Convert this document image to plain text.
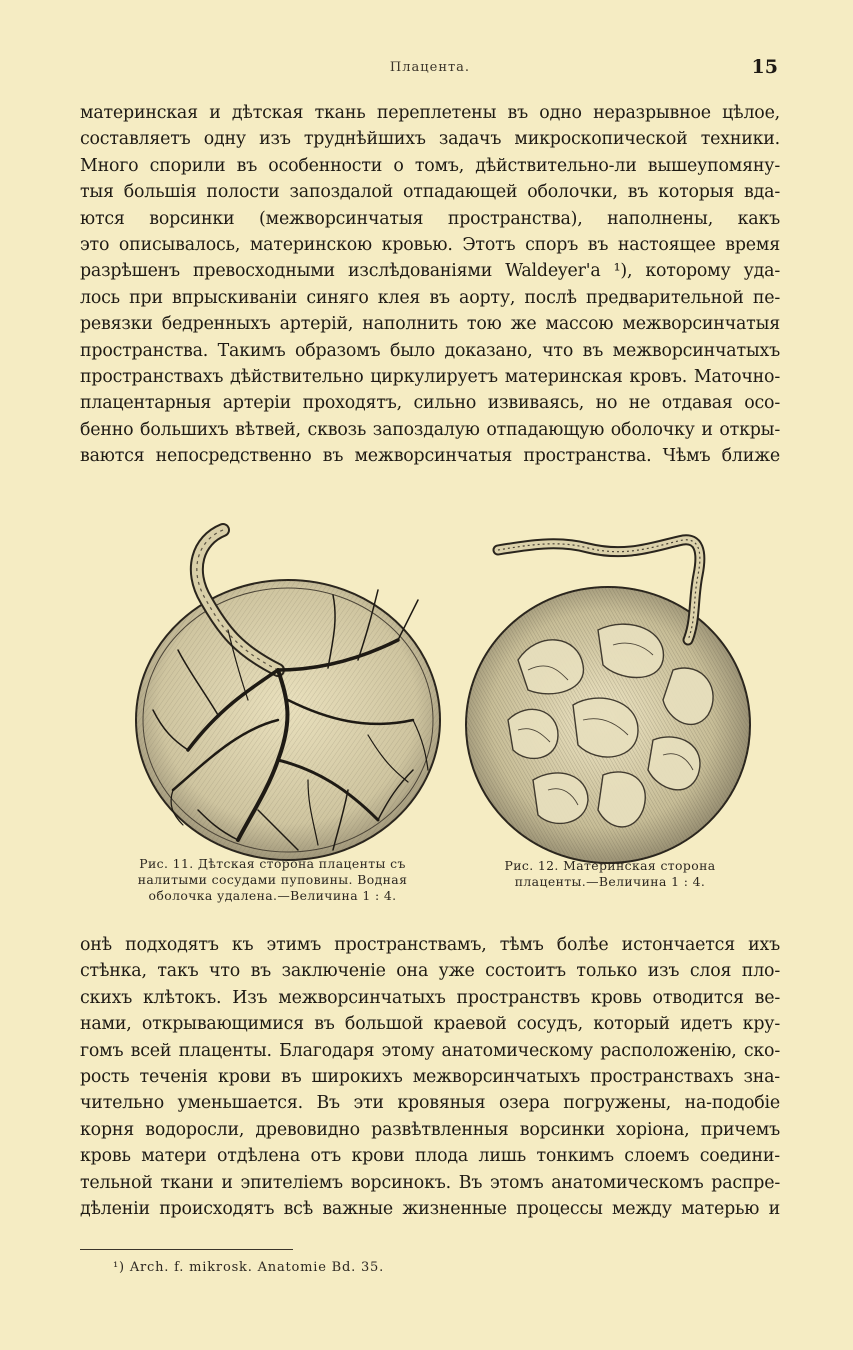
Плацента.	15
материнская и дѣтская ткань переплетены въ одно неразрывное цѣлое,
составляетъ одну изъ труднѣйшихъ задачъ микроскопической техники.
Много спорили въ особенности о томъ, дѣйствительно-ли вышеупомяну-
тыя большія полости запоздалой отпадающей оболочки, въ которыя вда-
ются ворсинки (межворсинчатыя пространства), наполнены, какъ
это описывалось, материнскою кровью. Этотъ споръ въ настоящее время
разрѣшенъ превосходными изслѣдованіями Waldeyer'а ¹), которому уда-
лось при впрыскиваніи синяго клея въ аорту, послѣ предварительной пе-
ревязки бедренныхъ артерій, наполнить тою же массою межворсинчатыя
пространства. Такимъ образомъ было доказано, что въ межворсинчатыхъ
пространствахъ дѣйствительно циркулируетъ материнская кровъ. Маточно-
плацентарныя артеріи проходятъ, сильно извиваясь, но не отдавая осо-
бенно большихъ вѣтвей, сквозь запоздалую отпадающую оболочку и откры-
ваются непосредственно въ межворсинчатыя пространства. Чѣмъ ближе
Рис. 11. Дѣтская сторона плаценты съ
налитыми сосудами пуповины. Водная
оболочка удалена.—Величина 1 : 4.
Рис. 12. Материнская сторона
плаценты.—Величина 1 : 4.
онѣ подходятъ къ этимъ пространствамъ, тѣмъ болѣе истончается ихъ
стѣнка, такъ что въ заключеніе она уже состоитъ только изъ слоя пло-
скихъ клѣтокъ. Изъ межворсинчатыхъ пространствъ кровь отводится ве-
нами, открывающимися въ большой краевой сосудъ, который идетъ кру-
гомъ всей плаценты. Благодаря этому анатомическому расположенію, ско-
рость теченія крови въ широкихъ межворсинчатыхъ пространствахъ зна-
чительно уменьшается. Въ эти кровяныя озера погружены, на-подобіе
корня водоросли, древовидно развѣтвленныя ворсинки хоріона, причемъ
кровь матери отдѣлена отъ крови плода лишь тонкимъ слоемъ соедини-
тельной ткани и эпителіемъ ворсинокъ. Въ этомъ анатомическомъ распре-
дѣленіи происходятъ всѣ важные жизненные процессы между матерью и
¹) Arch. f. mikrosk. Anatomie Bd. 35.
